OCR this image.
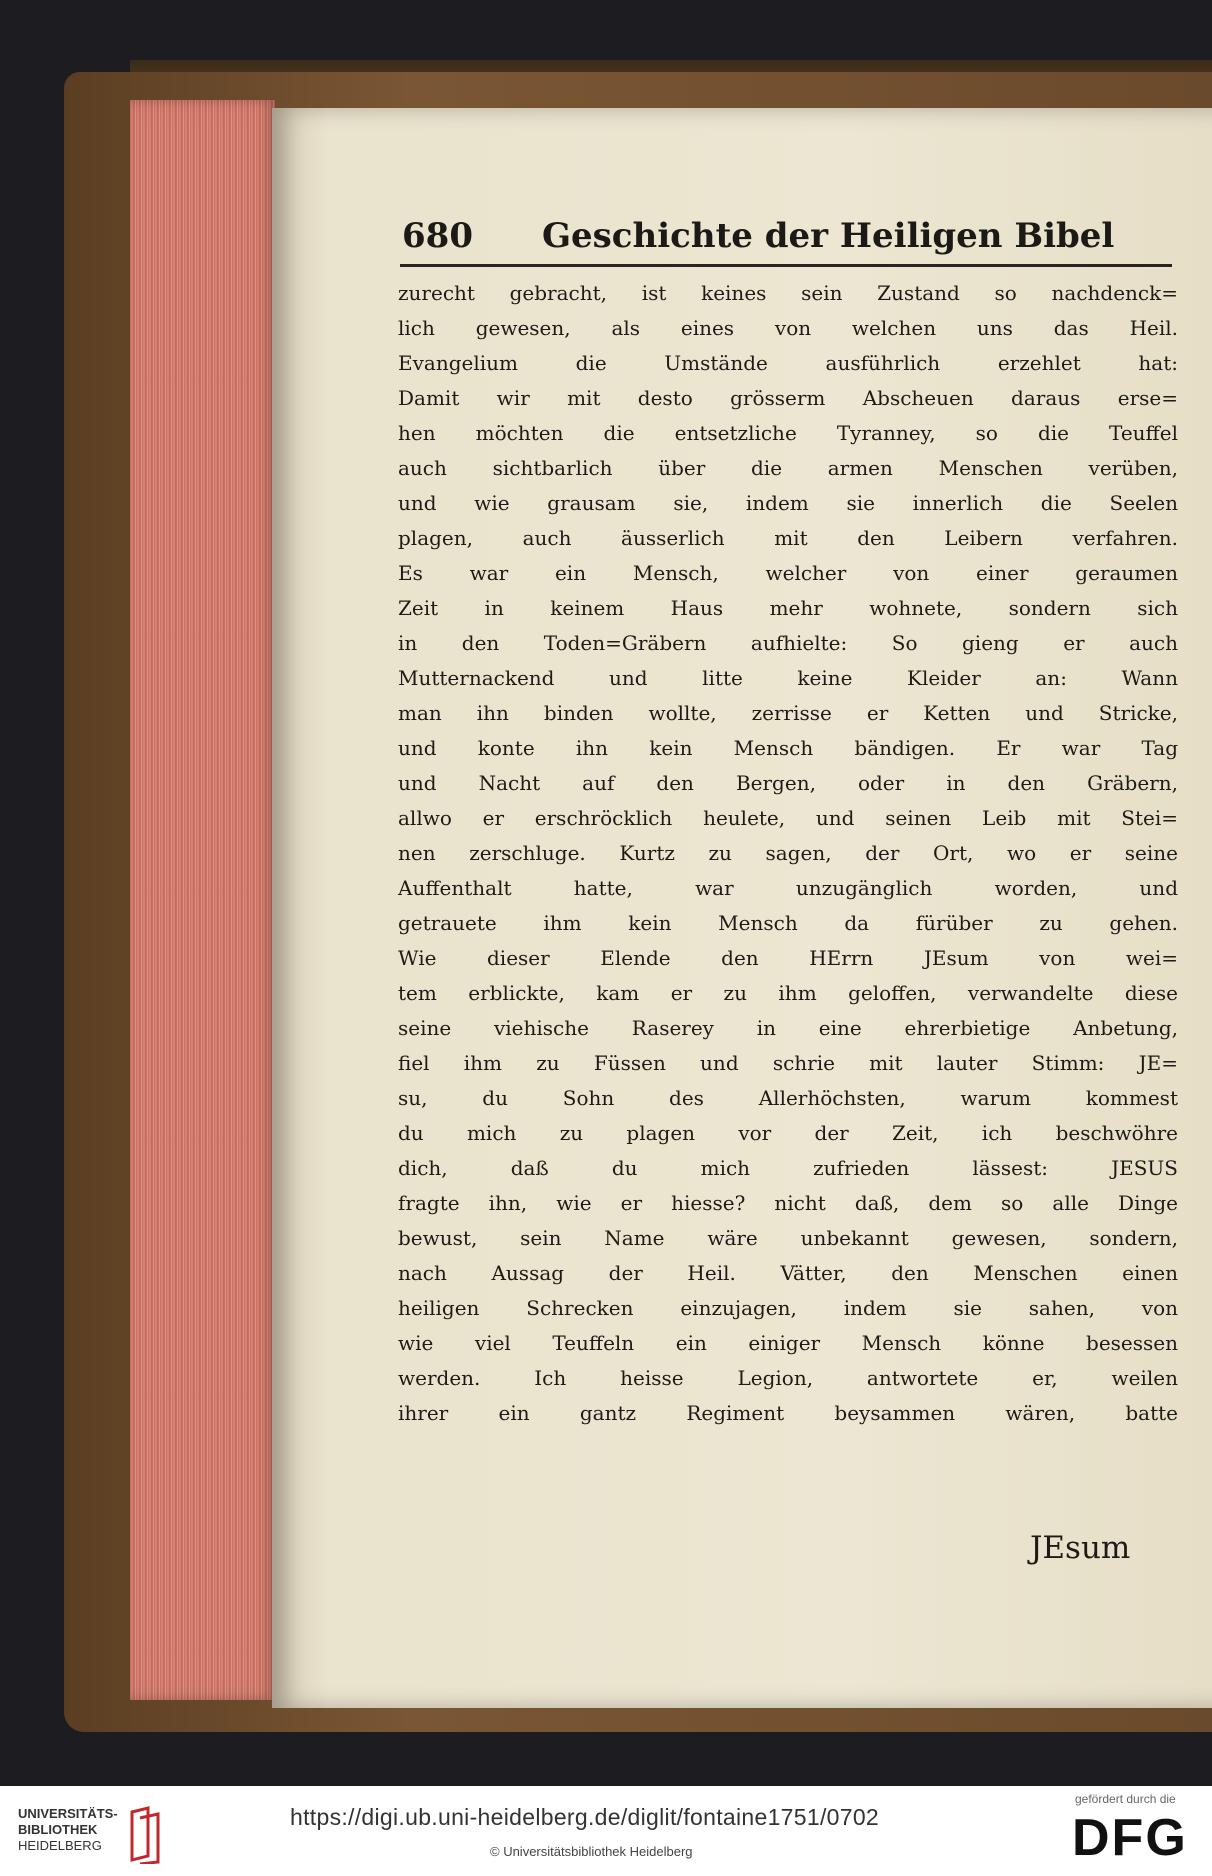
680 Geschichte der Heiligen Bibel
zurecht gebracht, ist keines sein Zustand so nachdenck=
lich gewesen, als eines von welchen uns das Heil.
Evangelium die Umstände ausführlich erzehlet hat:
Damit wir mit desto grösserm Abscheuen daraus erse=
hen möchten die entsetzliche Tyranney, so die Teuffel
auch sichtbarlich über die armen Menschen verüben,
und wie grausam sie, indem sie innerlich die Seelen
plagen, auch äusserlich mit den Leibern verfahren.
Es war ein Mensch, welcher von einer geraumen
Zeit in keinem Haus mehr wohnete, sondern sich
in den Toden=Gräbern aufhielte: So gieng er auch
Mutternackend und litte keine Kleider an: Wann
man ihn binden wollte, zerrisse er Ketten und Stricke,
und konte ihn kein Mensch bändigen. Er war Tag
und Nacht auf den Bergen, oder in den Gräbern,
allwo er erschröcklich heulete, und seinen Leib mit Stei=
nen zerschluge. Kurtz zu sagen, der Ort, wo er seine
Auffenthalt hatte, war unzugänglich worden, und
getrauete ihm kein Mensch da fürüber zu gehen.
Wie dieser Elende den HErrn JEsum von wei=
tem erblickte, kam er zu ihm geloffen, verwandelte diese
seine viehische Raserey in eine ehrerbietige Anbetung,
fiel ihm zu Füssen und schrie mit lauter Stimm: JE=
su, du Sohn des Allerhöchsten, warum kommest
du mich zu plagen vor der Zeit, ich beschwöhre
dich, daß du mich zufrieden lässest: JESUS
fragte ihn, wie er hiesse? nicht daß, dem so alle Dinge
bewust, sein Name wäre unbekannt gewesen, sondern,
nach Aussag der Heil. Vätter, den Menschen einen
heiligen Schrecken einzujagen, indem sie sahen, von
wie viel Teuffeln ein einiger Mensch könne besessen
werden. Ich heisse Legion, antwortete er, weilen
ihrer ein gantz Regiment beysammen wären, batte
JEsum
UNIVERSITÄTS-
BIBLIOTHEK
HEIDELBERG
https://digi.ub.uni-heidelberg.de/diglit/fontaine1751/0702
© Universitätsbibliothek Heidelberg
gefördert durch die
DFG
